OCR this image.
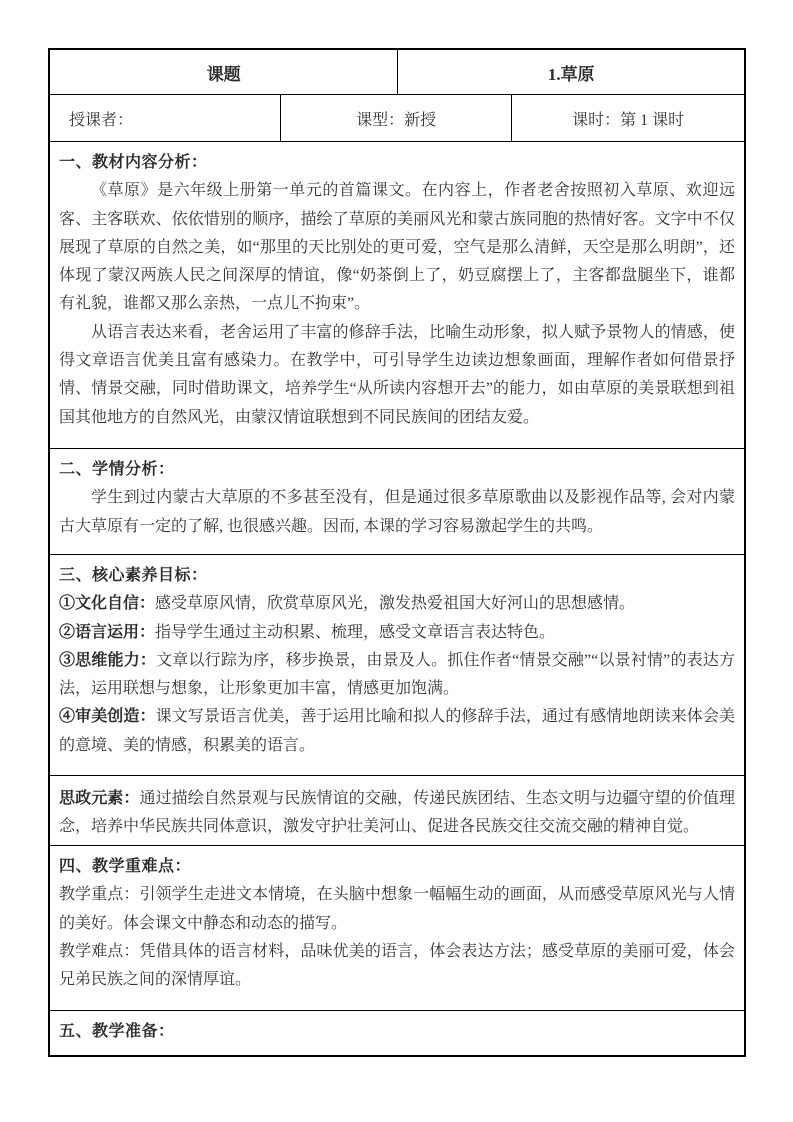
课题	1.草原
授课者：	课型：新授	课时：第 1 课时
一、教材内容分析：
《草原》是六年级上册第一单元的首篇课文。在内容上，作者老舍按照初入草原、欢迎远客、主客联欢、依依惜别的顺序，描绘了草原的美丽风光和蒙古族同胞的热情好客。文字中不仅展现了草原的自然之美，如“那里的天比别处的更可爱，空气是那么清鲜，天空是那么明朗”，还体现了蒙汉两族人民之间深厚的情谊，像“奶茶倒上了，奶豆腐摆上了，主客都盘腿坐下，谁都有礼貌，谁都又那么亲热，一点儿不拘束”。
从语言表达来看，老舍运用了丰富的修辞手法，比喻生动形象，拟人赋予景物人的情感，使得文章语言优美且富有感染力。在教学中，可引导学生边读边想象画面，理解作者如何借景抒情、情景交融，同时借助课文，培养学生“从所读内容想开去”的能力，如由草原的美景联想到祖国其他地方的自然风光，由蒙汉情谊联想到不同民族间的团结友爱。
二、学情分析：
学生到过内蒙古大草原的不多甚至没有，但是通过很多草原歌曲以及影视作品等, 会对内蒙古大草原有一定的了解, 也很感兴趣。因而, 本课的学习容易激起学生的共鸣。
三、核心素养目标：
①文化自信：感受草原风情，欣赏草原风光，激发热爱祖国大好河山的思想感情。
②语言运用：指导学生通过主动积累、梳理，感受文章语言表达特色。
③思维能力：文章以行踪为序，移步换景，由景及人。抓住作者“情景交融”“以景衬情”的表达方法，运用联想与想象，让形象更加丰富，情感更加饱满。
④审美创造：课文写景语言优美，善于运用比喻和拟人的修辞手法，通过有感情地朗读来体会美的意境、美的情感，积累美的语言。
思政元素：通过描绘自然景观与民族情谊的交融，传递民族团结、生态文明与边疆守望的价值理念，培养中华民族共同体意识，激发守护壮美河山、促进各民族交往交流交融的精神自觉。
四、教学重难点：
教学重点：引领学生走进文本情境，在头脑中想象一幅幅生动的画面，从而感受草原风光与人情的美好。体会课文中静态和动态的描写。
教学难点：凭借具体的语言材料，品味优美的语言，体会表达方法；感受草原的美丽可爱，体会兄弟民族之间的深情厚谊。
五、教学准备：
